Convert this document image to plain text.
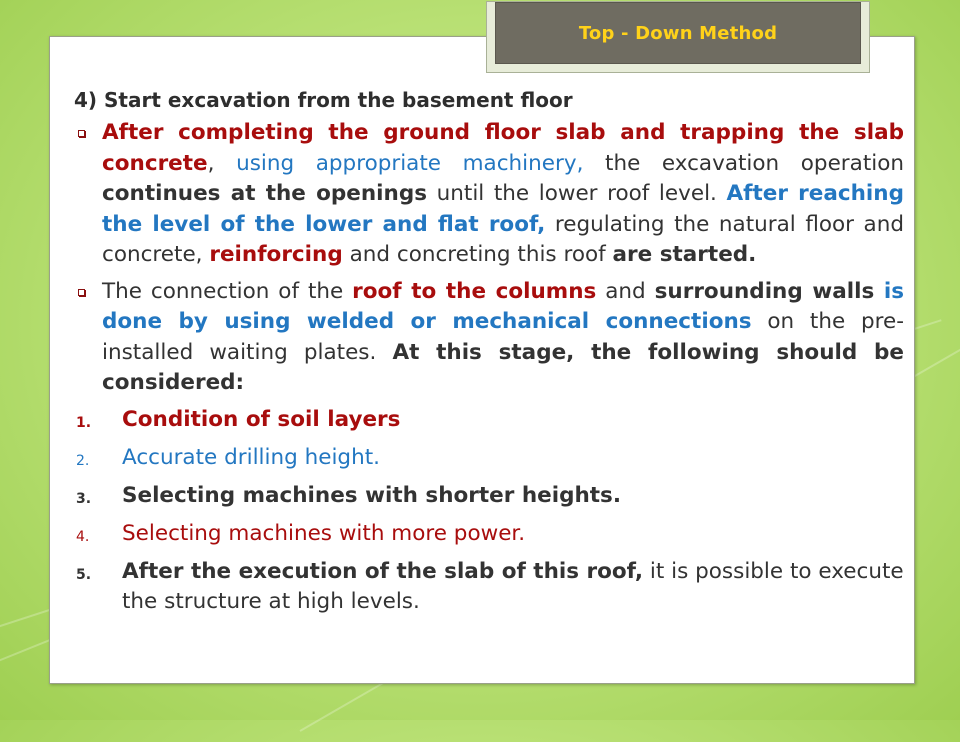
Top - Down Method
4) Start excavation from the basement floor
After completing the ground floor slab and trapping the slab concrete, using appropriate machinery, the excavation operation continues at the openings until the lower roof level. After reaching the level of the lower and flat roof, regulating the natural floor and concrete, reinforcing and concreting this roof are started.
The connection of the roof to the columns and surrounding walls is done by using welded or mechanical connections on the pre-installed waiting plates. At this stage, the following should be considered:
1. Condition of soil layers
2. Accurate drilling height.
3. Selecting machines with shorter heights.
4. Selecting machines with more power.
5. After the execution of the slab of this roof, it is possible to execute the structure at high levels.
